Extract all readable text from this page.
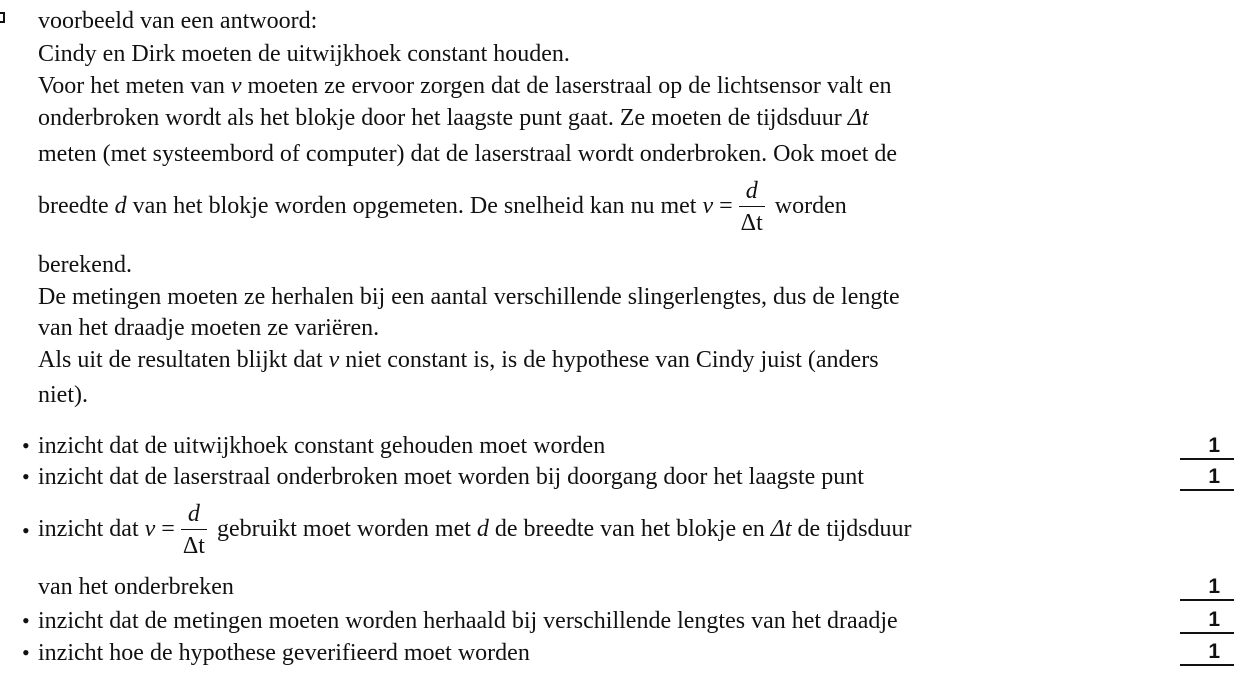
voorbeeld van een antwoord:
Cindy en Dirk moeten de uitwijkhoek constant houden.
Voor het meten van v moeten ze ervoor zorgen dat de laserstraal op de lichtsensor valt en
onderbroken wordt als het blokje door het laagste punt gaat. Ze moeten de tijdsduur Δt
meten (met systeembord of computer) dat de laserstraal wordt onderbroken. Ook moet de
breedte d van het blokje worden opgemeten. De snelheid kan nu met $v = \frac{d}{\Delta t}$ worden
berekend.
De metingen moeten ze herhalen bij een aantal verschillende slingerlengtes, dus de lengte
van het draadje moeten ze variëren.
Als uit de resultaten blijkt dat v niet constant is, is de hypothese van Cindy juist (anders
niet).
• inzicht dat de uitwijkhoek constant gehouden moet worden	1
• inzicht dat de laserstraal onderbroken moet worden bij doorgang door het laagste punt	1
• inzicht dat $v = \frac{d}{\Delta t}$ gebruikt moet worden met d de breedte van het blokje en Δt de tijdsduur
van het onderbreken	1
• inzicht dat de metingen moeten worden herhaald bij verschillende lengtes van het draadje	1
• inzicht hoe de hypothese geverifieerd moet worden	1
